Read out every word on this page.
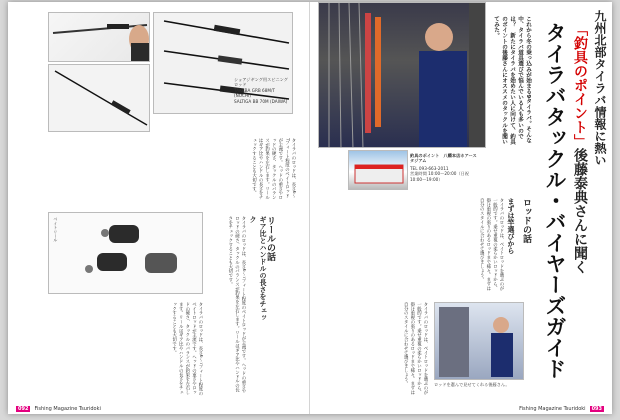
ショアジギング用スピニングロッド
TAKABA GRB 68M/T (NOCHI)
SALTIGA BB 70M (DAIWA)
タイラバのロッドは、長さ6〜7フィート程度のベイトロッドが主流です。ヘッドの重さやロッドの硬さ、タックルのバランスが釣果を左右します。リールはギア比やハンドルの長さをチェックすることも大切です。
ベイトリール	リールの話
ギア比とハンドルの長さをチェック
タイラバのロッドは、長さ6〜7フィート程度のベイトロッドが主流です。ヘッドの重さやロッドの硬さ、タックルのバランスが釣果を左右します。リールはギア比やハンドルの長さをチェックすることも大切です。
タイラバのロッドは、長さ6〜7フィート程度のベイトロッドが主流です。ヘッドの重さやロッドの硬さ、タックルのバランスが釣果を左右します。リールはギア比やハンドルの長さをチェックすることも大切です。
092	Fishing Magazine Tsuridoki
釣具のポイント　八幡本店ホアースタジアム
TEL 093-663-2011
営業時間 10:00〜20:00（日祝 10:00〜19:00）
これから冬の乗っ込みが始まる9タイラバ。そんな中、タイラバ道具選びで悩んでいる人も多いのでは？　新たにタイラバを始めたい人に向けて、釣具のポイントの後藤さんにオススメのタックルを聞いてみた。	九州北部タイラバ情報に熱い
「釣具のポイント」後藤泰典さんに聞く
タイラバタックル・バイヤーズガイド
ロッドの話
まずは竿選びから
タイラバのロッドは、ベイトロッドを選ぶのが一般的です。乗せ重視の柔らかいロッドから、掛け重視の張りのあるロッドまで様々。まずは自分のスタイルに合わせて選びましょう。
タイラバのロッドは、ベイトロッドを選ぶのが一般的です。乗せ重視の柔らかいロッドから、掛け重視の張りのあるロッドまで様々。まずは自分のスタイルに合わせて選びましょう。	ロッドを選んで見せてくれる後藤さん。
Fishing Magazine Tsuridoki	093
